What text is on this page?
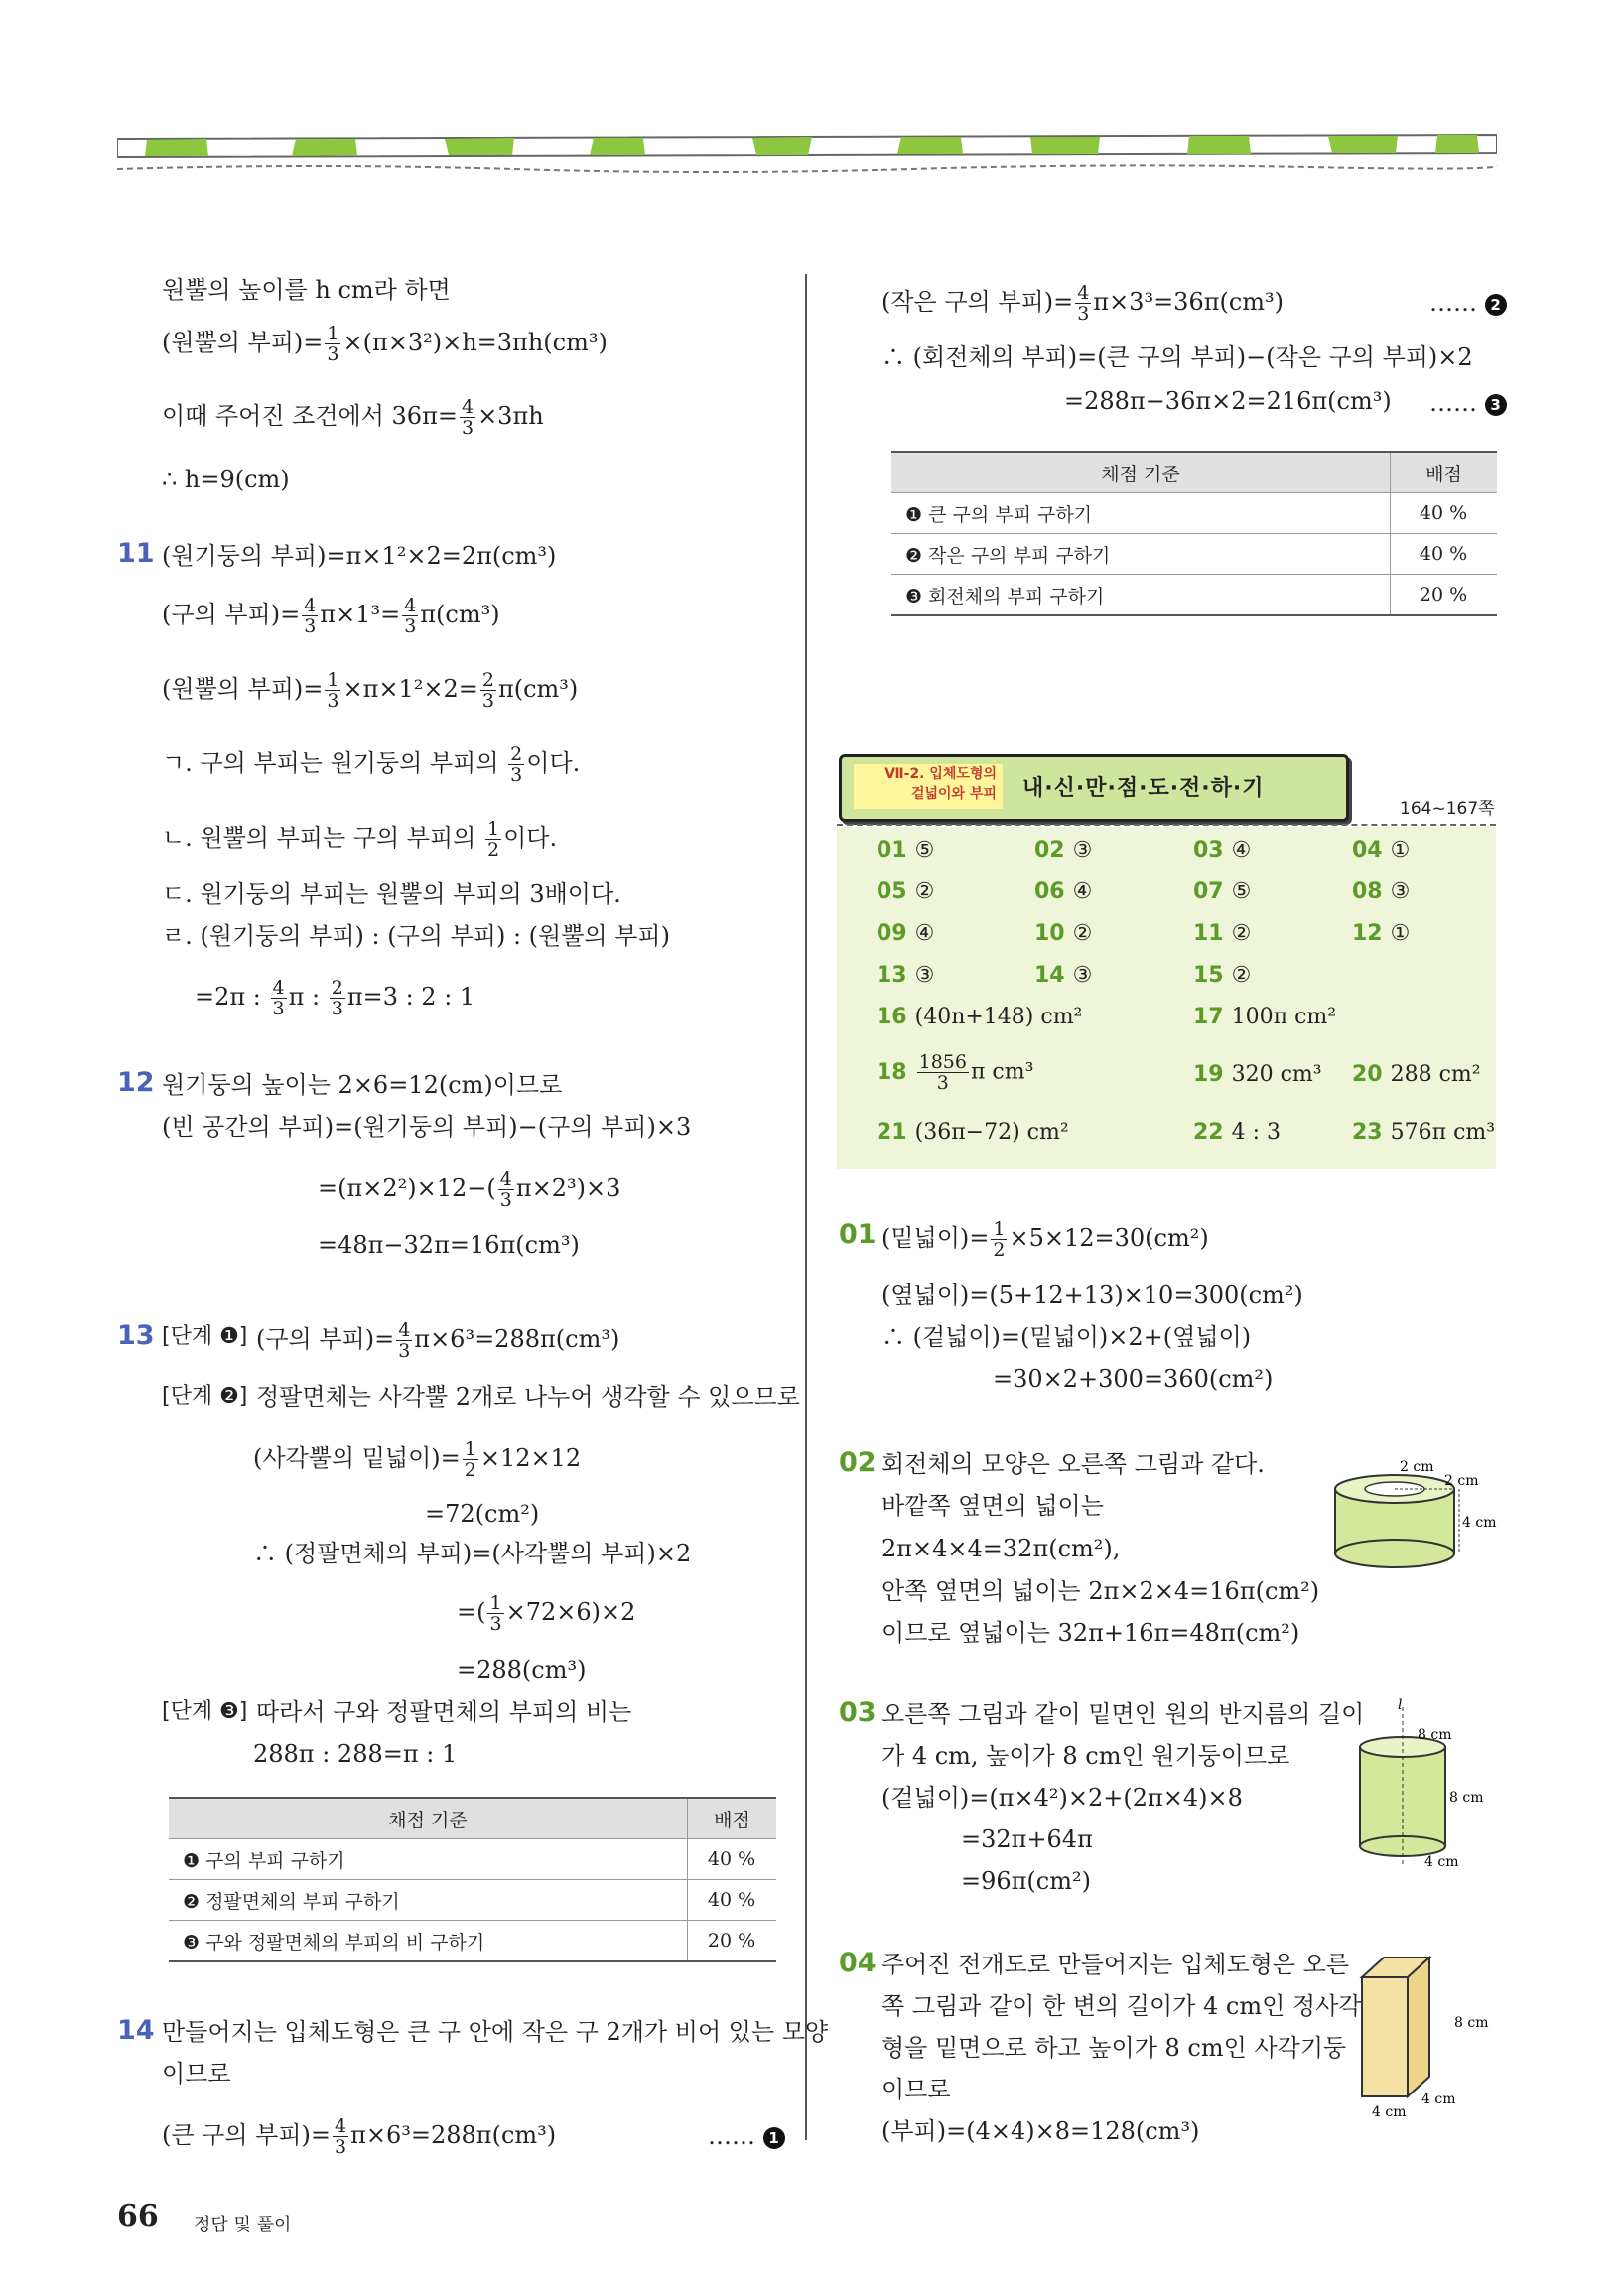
원뿔의 높이를 h cm라 하면
(원뿔의 부피)= $\frac{1}{3} \times(\pi\times 3^2)\times h=3\pi h(cm^3)$
이때 주어진 조건에서 $36\pi= \frac{4}{3} \times 3\pi h$
∴ h=9(cm)
11 (원기둥의 부피)=π×1²×2=2π(cm³)
(구의 부피)= $\frac{4}{3} \pi\times 1^3= \frac{4}{3} \pi(cm^3)$
(원뿔의 부피)= $\frac{1}{3} \times\pi\times 1^2\times 2= \frac{2}{3} \pi(cm^3)$
ㄱ. 구의 부피는 원기둥의 부피의 $\frac{2}{3}$ 이다.
ㄴ. 원뿔의 부피는 구의 부피의 $\frac{1}{2}$ 이다.
ㄷ. 원기둥의 부피는 원뿔의 부피의 3배이다.
ㄹ. (원기둥의 부피) : (구의 부피) : (원뿔의 부피)
=2π : $\frac{4}{3}$ π : $\frac{2}{3} \pi=3$ : 2 : 1
12 원기둥의 높이는 2×6=12(cm)이므로
(빈 공간의 부피)=(원기둥의 부피)−(구의 부피)×3
$=(\pi\times 2^2)\times 12-( \frac{4}{3} \pi\times 2^3)\times 3$
=48π−32π=16π(cm³)
13 [단계 ❶] (구의 부피)= $\frac{4}{3} \pi\times 6^3=288\pi(cm^3)$
[단계 ❷] 정팔면체는 사각뿔 2개로 나누어 생각할 수 있으므로
(사각뿔의 밑넓이)= $\frac{1}{2} \times 12\times 12$
=72(cm²)
∴ (정팔면체의 부피)=(사각뿔의 부피)×2
=( $\frac{1}{3} \times 72\times 6)\times 2$
=288(cm³)
[단계 ❸] 따라서 구와 정팔면체의 부피의 비는
288π : 288=π : 1
채점 기준	배점
❶ 구의 부피 구하기	40 %
❷ 정팔면체의 부피 구하기	40 %
❸ 구와 정팔면체의 부피의 비 구하기	20 %
14 만들어지는 입체도형은 큰 구 안에 작은 구 2개가 비어 있는 모양
이므로
(큰 구의 부피)= $\frac{4}{3} \pi\times 6^3=288\pi(cm^3)$	…… 1
66 정답 및 풀이
(작은 구의 부피)= $\frac{4}{3} \pi\times 3^3=36\pi(cm^3)$	…… 2
∴ (회전체의 부피)=(큰 구의 부피)−(작은 구의 부피)×2
=288π−36π×2=216π(cm³) …… 3
채점 기준	배점
❶ 큰 구의 부피 구하기	40 %
❷ 작은 구의 부피 구하기	40 %
❸ 회전체의 부피 구하기	20 %
Ⅶ-2. 입체도형의
겉넓이와 부피 내·신·만·점·도·전·하·기
164~167쪽
01 ⑤	02 ③	03 ④	04 ①
05 ②	06 ④	07 ⑤	08 ③
09 ④	10 ②	11 ②	12 ①
13 ③	14 ③	15 ②
16 (40n+148) cm²	17 100π cm²
$18 \frac{1856}{3}$ π cm³	19 320 cm³ 20 288 cm²
21 (36π−72) cm²	22 4 : 3	23 576π cm³
01 (밑넓이)= $\frac{1}{2} \times 5\times 12=30(cm^2)$
(옆넓이)=(5+12+13)×10=300(cm²)
∴ (겉넓이)=(밑넓이)×2+(옆넓이)
=30×2+300=360(cm²)
02 회전체의 모양은 오른쪽 그림과 같다.
바깥쪽 옆면의 넓이는
2π×4×4=32π(cm²),
안쪽 옆면의 넓이는 2π×2×4=16π(cm²)
이므로 옆넓이는 32π+16π=48π(cm²)
2 cm
2 cm
4 cm
03 오른쪽 그림과 같이 밑면인 원의 반지름의 길이
가 4 cm, 높이가 8 cm인 원기둥이므로
(겉넓이)=(π×4²)×2+(2π×4)×8
=32π+64π
=96π(cm²)
l
8 cm
8 cm
4 cm
04 주어진 전개도로 만들어지는 입체도형은 오른
쪽 그림과 같이 한 변의 길이가 4 cm인 정사각
형을 밑면으로 하고 높이가 8 cm인 사각기둥
이므로
(부피)=(4×4)×8=128(cm³)
8 cm
4 cm
4 cm
